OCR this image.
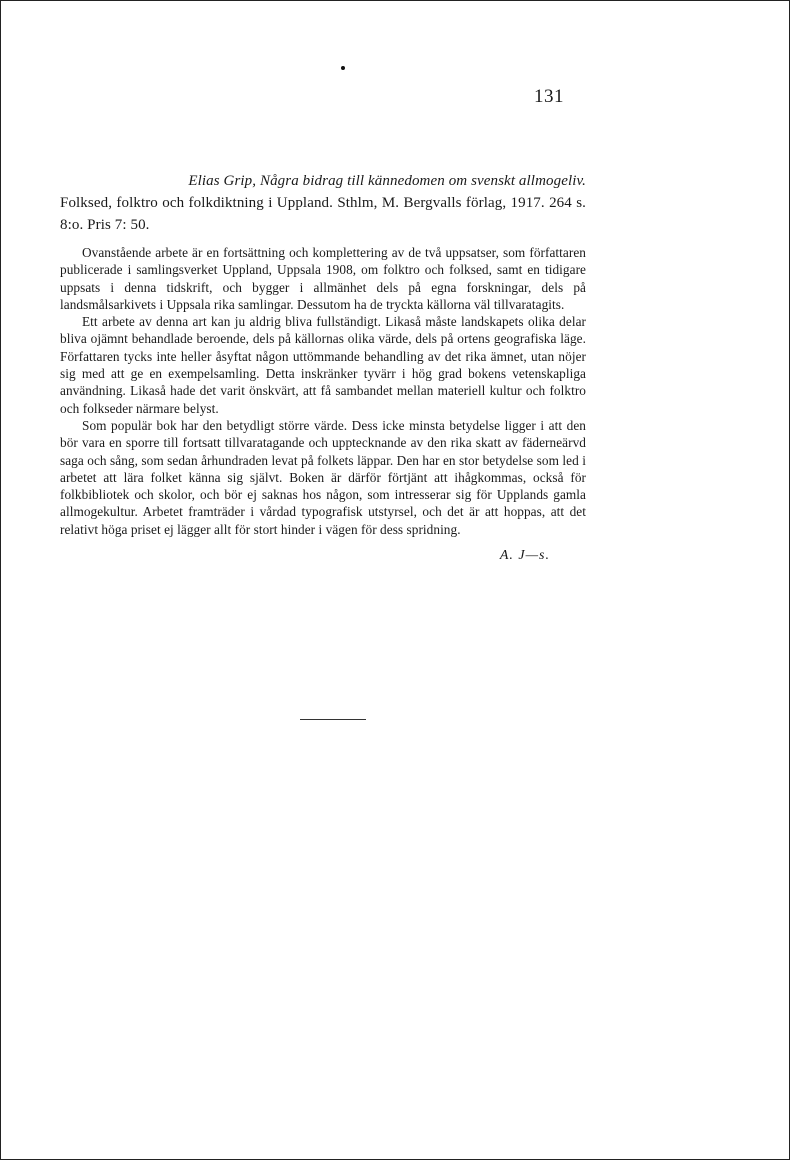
131

Elias Grip, Några bidrag till kännedomen om svenskt allmogeliv.

Folksed, folktro och folkdiktning i Uppland. Sthlm, M. Bergvalls förlag, 1917. 264 s. 8:o. Pris 7: 50.

Ovanstående arbete är en fortsättning och komplettering av de två uppsatser, som författaren publicerade i samlingsverket Uppland, Uppsala 1908, om folktro och folksed, samt en tidigare uppsats i denna tidskrift, och bygger i allmänhet dels på egna forskningar, dels på landsmålsarkivets i Uppsala rika samlingar. Dessutom ha de tryckta källorna väl tillvaratagits.

Ett arbete av denna art kan ju aldrig bliva fullständigt. Likaså måste landskapets olika delar bliva ojämnt behandlade beroende, dels på källornas olika värde, dels på ortens geografiska läge. Författaren tycks inte heller åsyftat någon uttömmande behandling av det rika ämnet, utan nöjer sig med att ge en exempelsamling. Detta inskränker tyvärr i hög grad bokens vetenskapliga användning. Likaså hade det varit önskvärt, att få sambandet mellan materiell kultur och folktro och folkseder närmare belyst.

Som populär bok har den betydligt större värde. Dess icke minsta betydelse ligger i att den bör vara en sporre till fortsatt tillvaratagande och upptecknande av den rika skatt av fäderneärvd saga och sång, som sedan århundraden levat på folkets läppar. Den har en stor betydelse som led i arbetet att lära folket känna sig självt. Boken är därför förtjänt att ihågkommas, också för folkbibliotek och skolor, och bör ej saknas hos någon, som intresserar sig för Upplands gamla allmogekultur. Arbetet framträder i vårdad typografisk utstyrsel, och det är att hoppas, att det relativt höga priset ej lägger allt för stort hinder i vägen för dess spridning.

A. J—s.
